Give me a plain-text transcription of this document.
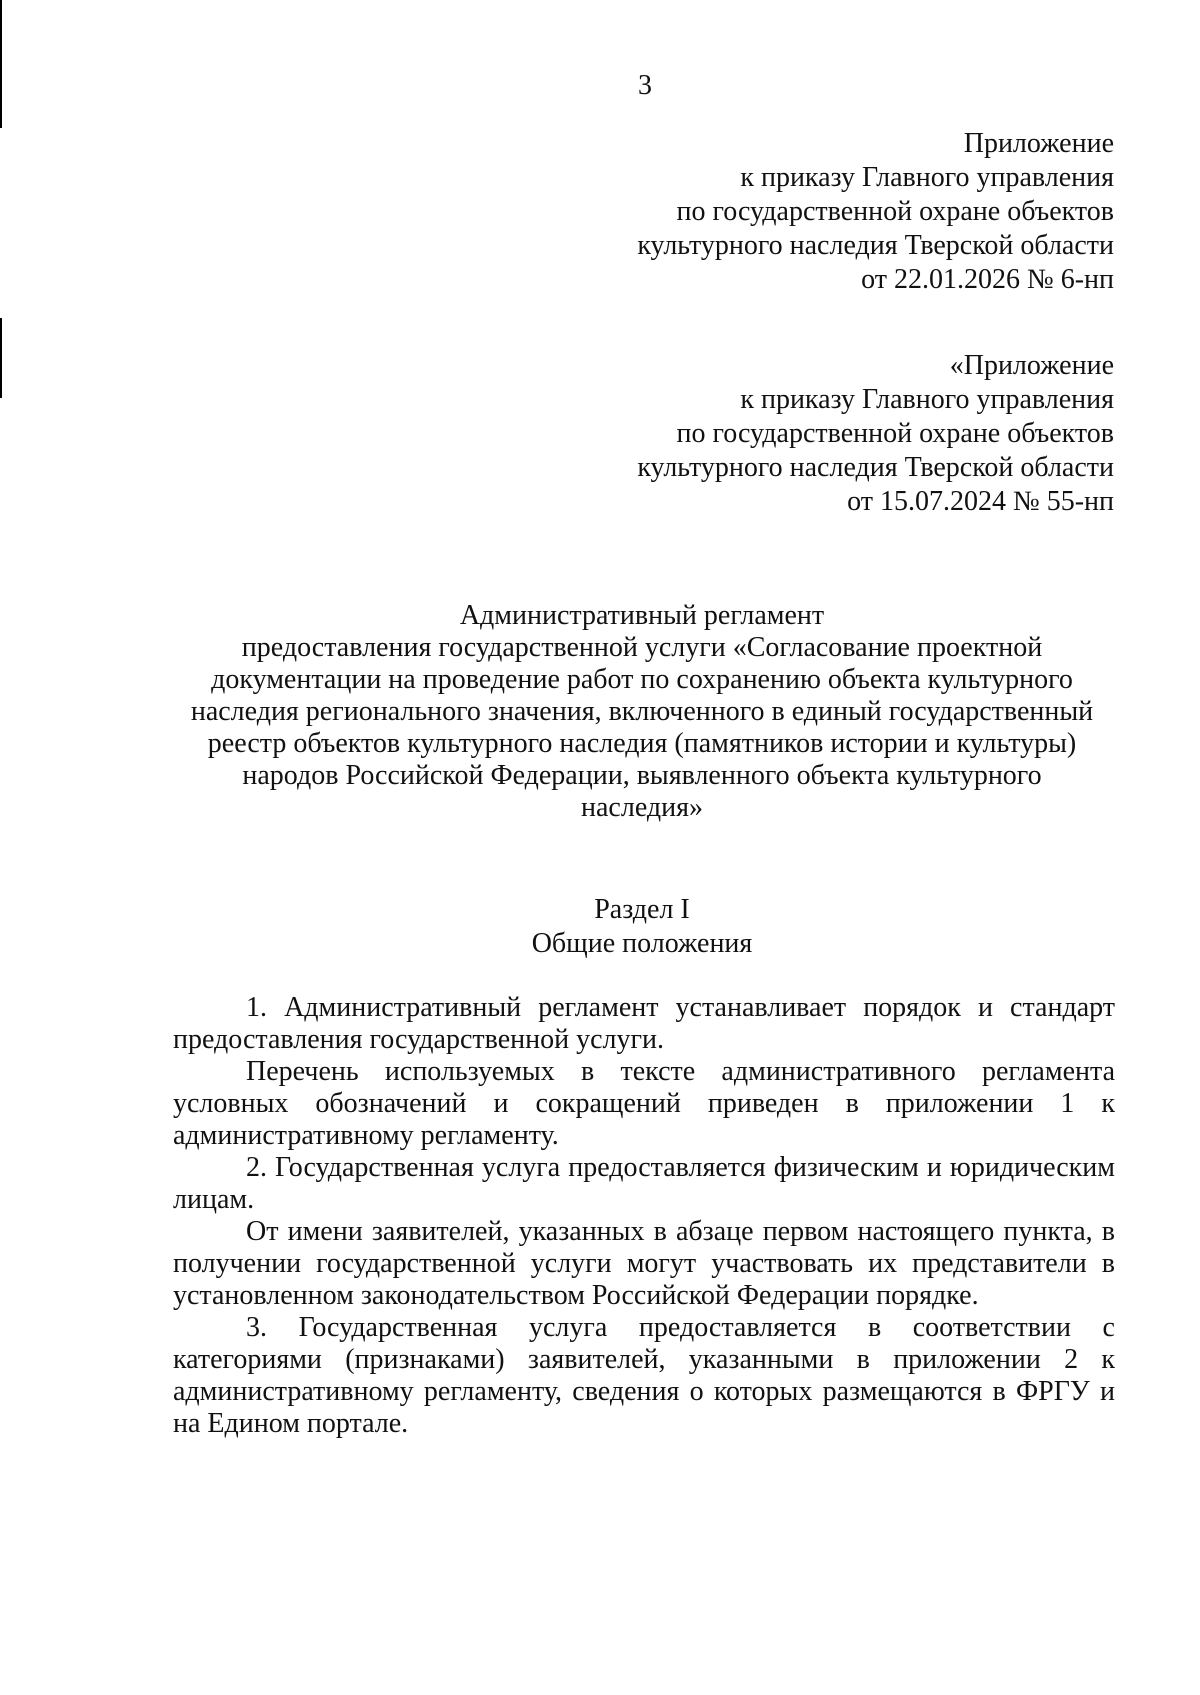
3
Приложение
к приказу Главного управления
по государственной охране объектов
культурного наследия Тверской области
от 22.01.2026 № 6-нп
«Приложение
к приказу Главного управления
по государственной охране объектов
культурного наследия Тверской области
от 15.07.2024 № 55-нп
Административный регламент
предоставления государственной услуги «Согласование проектной
документации на проведение работ по сохранению объекта культурного
наследия регионального значения, включенного в единый государственный
реестр объектов культурного наследия (памятников истории и культуры)
народов Российской Федерации, выявленного объекта культурного
наследия»
Раздел I
Общие положения

1. Административный регламент устанавливает порядок и стандарт предоставления государственной услуги.

Перечень используемых в тексте административного регламента условных обозначений и сокращений приведен в приложении 1 к административному регламенту.

2. Государственная услуга предоставляется физическим и юридическим лицам.

От имени заявителей, указанных в абзаце первом настоящего пункта, в получении государственной услуги могут участвовать их представители в установленном законодательством Российской Федерации порядке.

3. Государственная услуга предоставляется в соответствии с категориями (признаками) заявителей, указанными в приложении 2 к административному регламенту, сведения о которых размещаются в ФРГУ и на Едином портале.
